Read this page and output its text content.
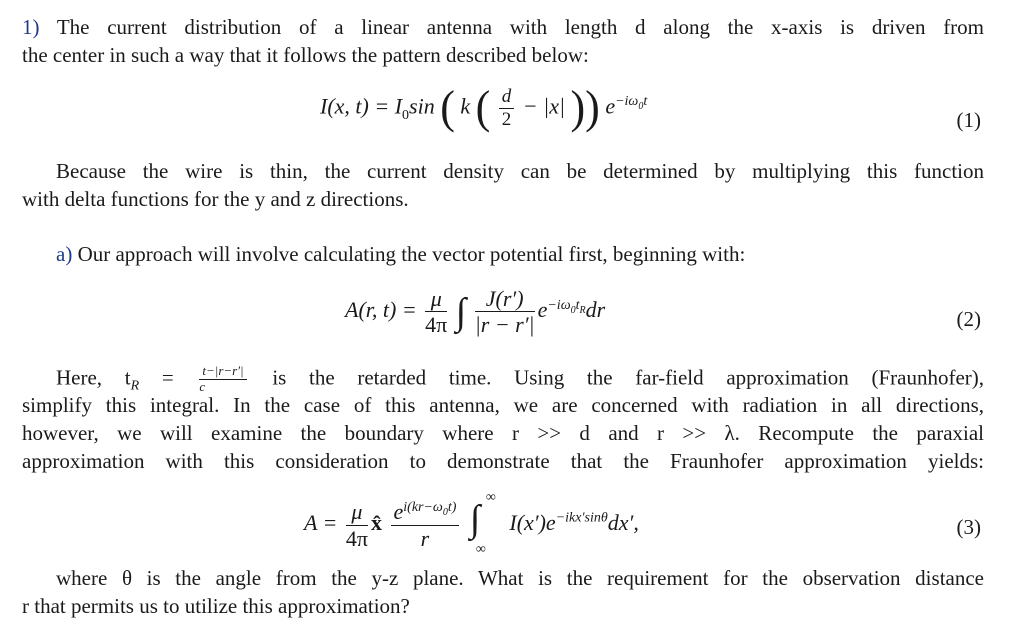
1) The current distribution of a linear antenna with length d along the x-axis is driven from
the center in such a way that it follows the pattern described below:
I(x, $t) = I_0\sin$ ( k ( $\frac{d}{2} - |x|$ )) $e^{-i\omega_0t}$
(1)
Because the wire is thin, the current density can be determined by multiplying this function
with delta functions for the y and z directions.
a) Our approach will involve calculating the vector potential first, beginning with:
A(r, $t) = \frac{\mu}{4\pi}$ ∫ $\frac{J(r')}{|r - r'|} e^{-i\omega_0t_R}dr$	(2)
Here, $t_R = \frac{t-|r-r'|}{c}$ is the retarded time. Using the far-field approximation (Fraunhofer),
simplify this integral. In the case of this antenna, we are concerned with radiation in all directions,
however, we will examine the boundary where r >> d and r >> λ. Recompute the paraxial
approximation with this consideration to demonstrate that the Fraunhofer approximation yields:
$A = \frac{\mu}{4\pi}$ x̂ $\frac{e^{i(kr-\omega_0t)}}{r}$
∫
∞
∞
$I(x')e^{-ikx'sin\theta}dx'$,	(3)
where θ is the angle from the y-z plane. What is the requirement for the observation distance
r that permits us to utilize this approximation?
